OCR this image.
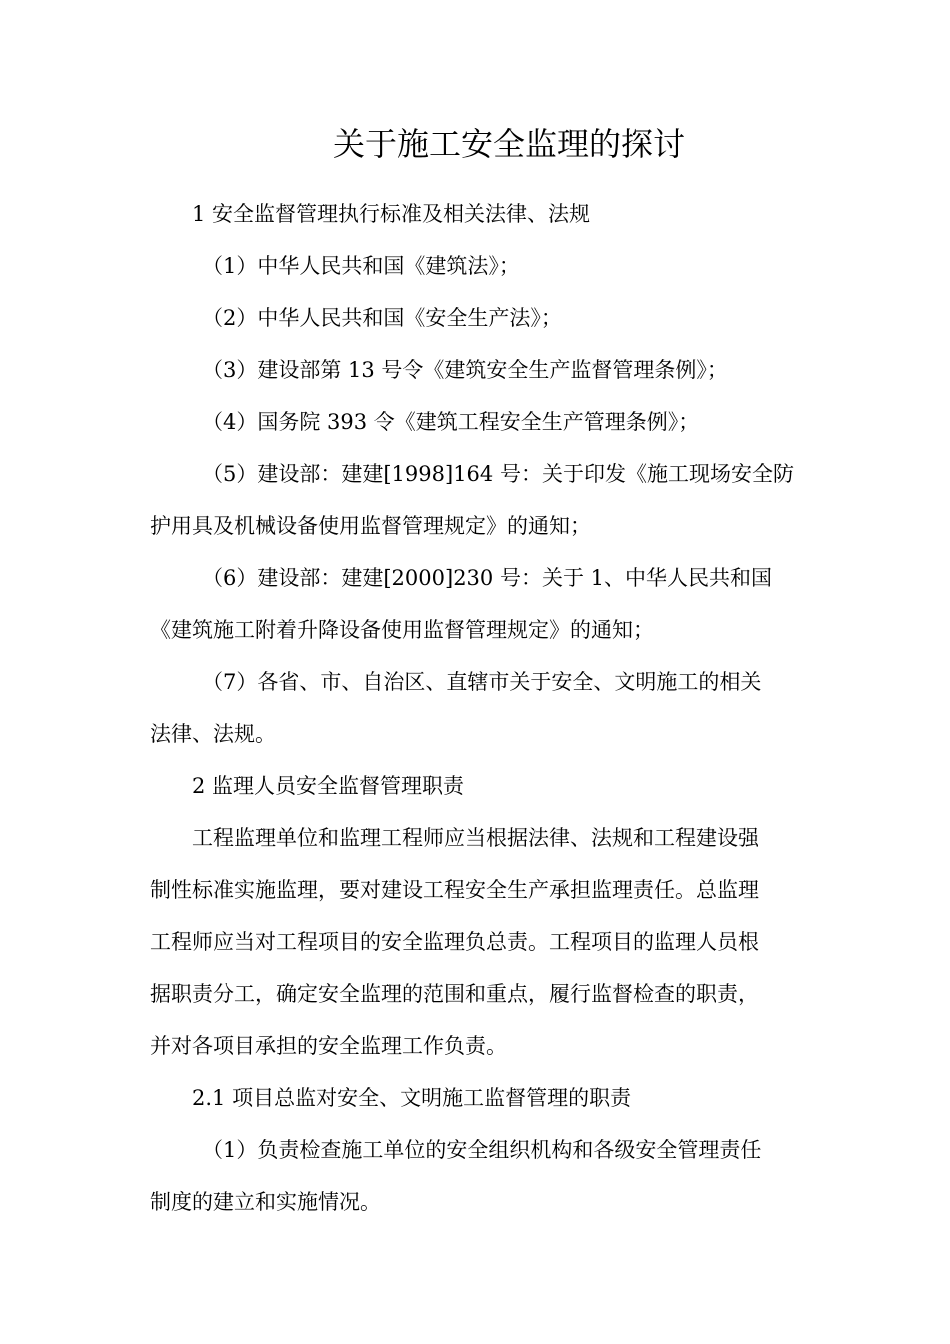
关于施工安全监理的探讨

1 安全监督管理执行标准及相关法律、法规

（1）中华人民共和国《建筑法》；

（2）中华人民共和国《安全生产法》；

（3）建设部第 13 号令《建筑安全生产监督管理条例》；

（4）国务院 393 令《建筑工程安全生产管理条例》；

（5）建设部：建建[1998]164 号：关于印发《施工现场安全防

护用具及机械设备使用监督管理规定》的通知；

（6）建设部：建建[2000]230 号：关于 1、中华人民共和国

《建筑施工附着升降设备使用监督管理规定》的通知；

（7）各省、市、自治区、直辖市关于安全、文明施工的相关

法律、法规。

2 监理人员安全监督管理职责

工程监理单位和监理工程师应当根据法律、法规和工程建设强

制性标准实施监理，要对建设工程安全生产承担监理责任。总监理

工程师应当对工程项目的安全监理负总责。工程项目的监理人员根

据职责分工，确定安全监理的范围和重点，履行监督检查的职责，

并对各项目承担的安全监理工作负责。

2.1 项目总监对安全、文明施工监督管理的职责

（1）负责检查施工单位的安全组织机构和各级安全管理责任

制度的建立和实施情况。
